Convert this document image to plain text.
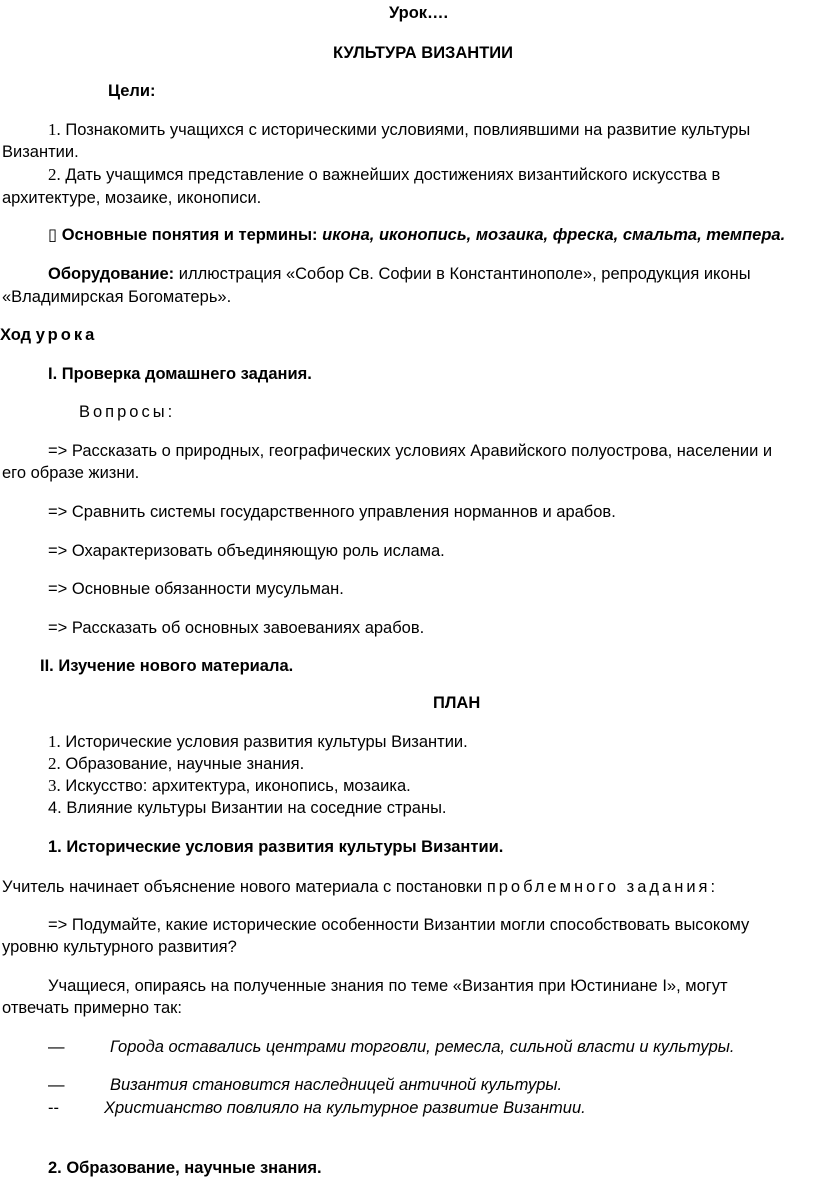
Урок….
КУЛЬТУРА ВИЗАНТИИ
Цели:
1. Познакомить учащихся с историческими условиями, повлиявшими на развитие культуры
Византии.
2. Дать учащимся представление о важнейших достижениях византийского искусства в
архитектуре, мозаике, иконописи.
▯ Основные понятия и термины: икона, иконопись, мозаика, фреска, смальта, темпера.
Оборудование: иллюстрация «Собор Св. Софии в Константинополе», репродукция иконы
«Владимирская Богоматерь».
Ход урока
I. Проверка домашнего задания.
Вопросы:
=> Рассказать о природных, географических условиях Аравийского полуострова, населении и
его образе жизни.
=> Сравнить системы государственного управления норманнов и арабов.
=> Охарактеризовать объединяющую роль ислама.
=> Основные обязанности мусульман.
=> Рассказать об основных завоеваниях арабов.
II. Изучение нового материала.
ПЛАН
1. Исторические условия развития культуры Византии.
2. Образование, научные знания.
3. Искусство: архитектура, иконопись, мозаика.
4. Влияние культуры Византии на соседние страны.
1. Исторические условия развития культуры Византии.
Учитель начинает объяснение нового материала с постановки проблемного задания:
=> Подумайте, какие исторические особенности Византии могли способствовать высокому
уровню культурного развития?
Учащиеся, опираясь на полученные знания по теме «Византия при Юстиниане I», могут
отвечать примерно так:
—	Города оставались центрами торговли, ремесла, сильной власти и культуры.
—	Византия становится наследницей античной культуры.
--	Христианство повлияло на культурное развитие Византии.
2. Образование, научные знания.
